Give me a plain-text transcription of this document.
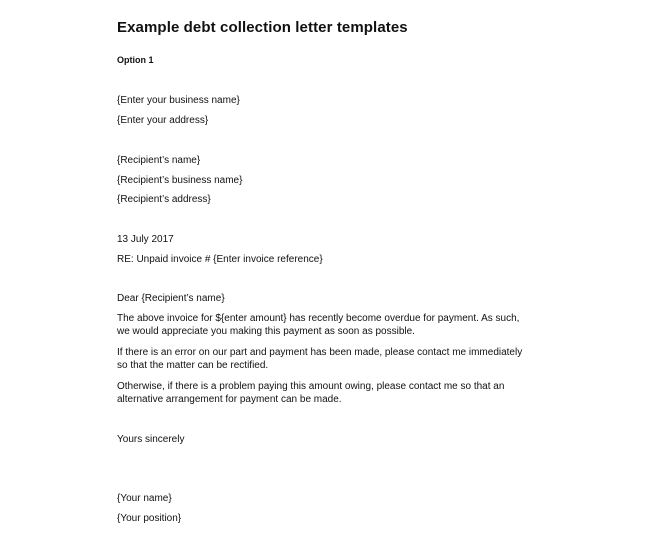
Example debt collection letter templates
Option 1
{Enter your business name}
{Enter your address}
{Recipient’s name}
{Recipient’s business name}
{Recipient’s address}
13 July 2017
RE: Unpaid invoice # {Enter invoice reference}
Dear {Recipient’s name}
The above invoice for ${enter amount} has recently become overdue for payment. As such,
we would appreciate you making this payment as soon as possible.
If there is an error on our part and payment has been made, please contact me immediately
so that the matter can be rectified.
Otherwise, if there is a problem paying this amount owing, please contact me so that an
alternative arrangement for payment can be made.
Yours sincerely
{Your name}
{Your position}
